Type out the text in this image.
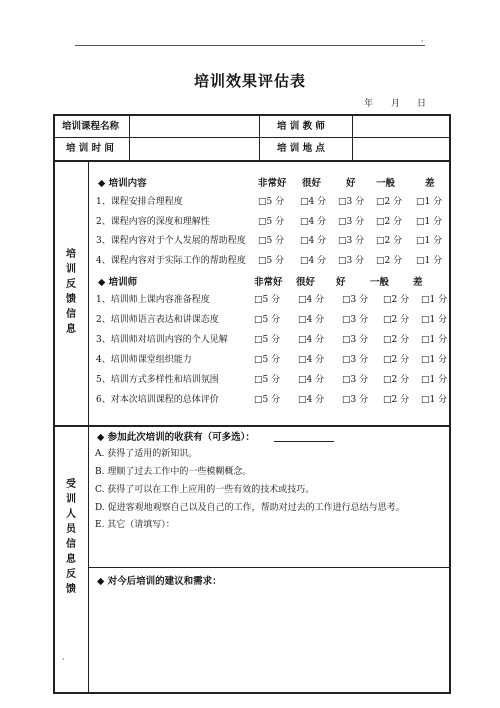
·
培训效果评估表
年 月 日
培训课程名称	培 训 教 师
培 训 时 间	培 训 地 点
培
训
反
馈
信
息
◆ 培训内容	非常好 很好	好 一般	差
1、课程安排合理程度	□5 分 □4 分 □3 分 □2 分 □1 分
2、课程内容的深度和理解性	□5 分 □4 分 □3 分 □2 分 □1 分
3、课程内容对于个人发展的帮助程度 □5 分 □4 分 □3 分 □2 分 □1 分
4、课程内容对于实际工作的帮助程度 □5 分 □4 分 □3 分 □2 分 □1 分
◆ 培训师	非常好 很好 好	一般	差
1、培训师上课内容准备程度	□5 分 □4 分 □3 分 □2 分 □1 分
2、培训师语言表达和讲课态度	□5 分 □4 分 □3 分 □2 分 □1 分
3、培训师对培训内容的个人见解	□5 分 □4 分 □3 分 □2 分 □1 分
4、培训师课堂组织能力	□5 分 □4 分 □3 分 □2 分 □1 分
5、培训方式多样性和培训氛围	□5 分 □4 分 □3 分 □2 分 □1 分
6、对本次培训课程的总体评价	□5 分 □4 分 □3 分 □2 分 □1 分
受
训
人
员
信
息
反
馈
◆ 参加此次培训的收获有（可多选）：
A. 获得了适用的新知识。
B. 理顺了过去工作中的一些模糊概念。
C. 获得了可以在工作上应用的一些有效的技术或技巧。
D. 促进客观地观察自己以及自己的工作，帮助对过去的工作进行总结与思考。
E. 其它（请填写）：
◆ 对今后培训的建议和需求：
·
